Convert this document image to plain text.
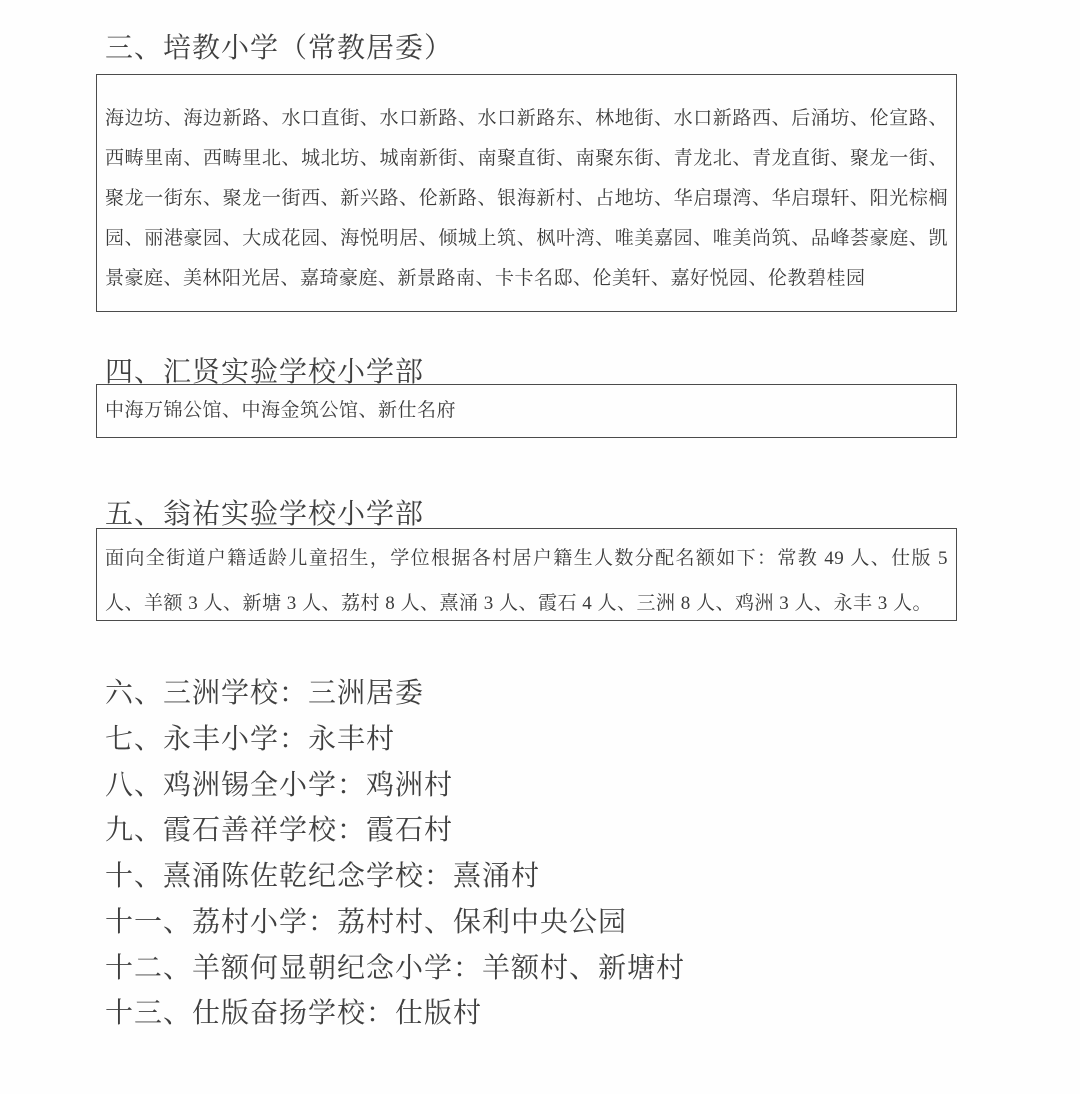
三、培教小学（常教居委）

海边坊、海边新路、水口直街、水口新路、水口新路东、林地街、水口新路西、后涌坊、伦宣路、西畴里南、西畴里北、城北坊、城南新街、南聚直街、南聚东街、青龙北、青龙直街、聚龙一街、聚龙一街东、聚龙一街西、新兴路、伦新路、银海新村、占地坊、华启璟湾、华启璟轩、阳光棕榈园、丽港豪园、大成花园、海悦明居、倾城上筑、枫叶湾、唯美嘉园、唯美尚筑、品峰荟豪庭、凯景豪庭、美林阳光居、嘉琦豪庭、新景路南、卡卡名邸、伦美轩、嘉好悦园、伦教碧桂园

四、汇贤实验学校小学部

中海万锦公馆、中海金筑公馆、新仕名府

五、翁祐实验学校小学部

面向全街道户籍适龄儿童招生，学位根据各村居户籍生人数分配名额如下：常教 49 人、仕版 5 人、羊额 3 人、新塘 3 人、荔村 8 人、熹涌 3 人、霞石 4 人、三洲 8 人、鸡洲 3 人、永丰 3 人。

六、三洲学校：三洲居委

七、永丰小学：永丰村

八、鸡洲锡全小学：鸡洲村

九、霞石善祥学校：霞石村

十、熹涌陈佐乾纪念学校：熹涌村

十一、荔村小学：荔村村、保利中央公园

十二、羊额何显朝纪念小学：羊额村、新塘村

十三、仕版奋扬学校：仕版村
